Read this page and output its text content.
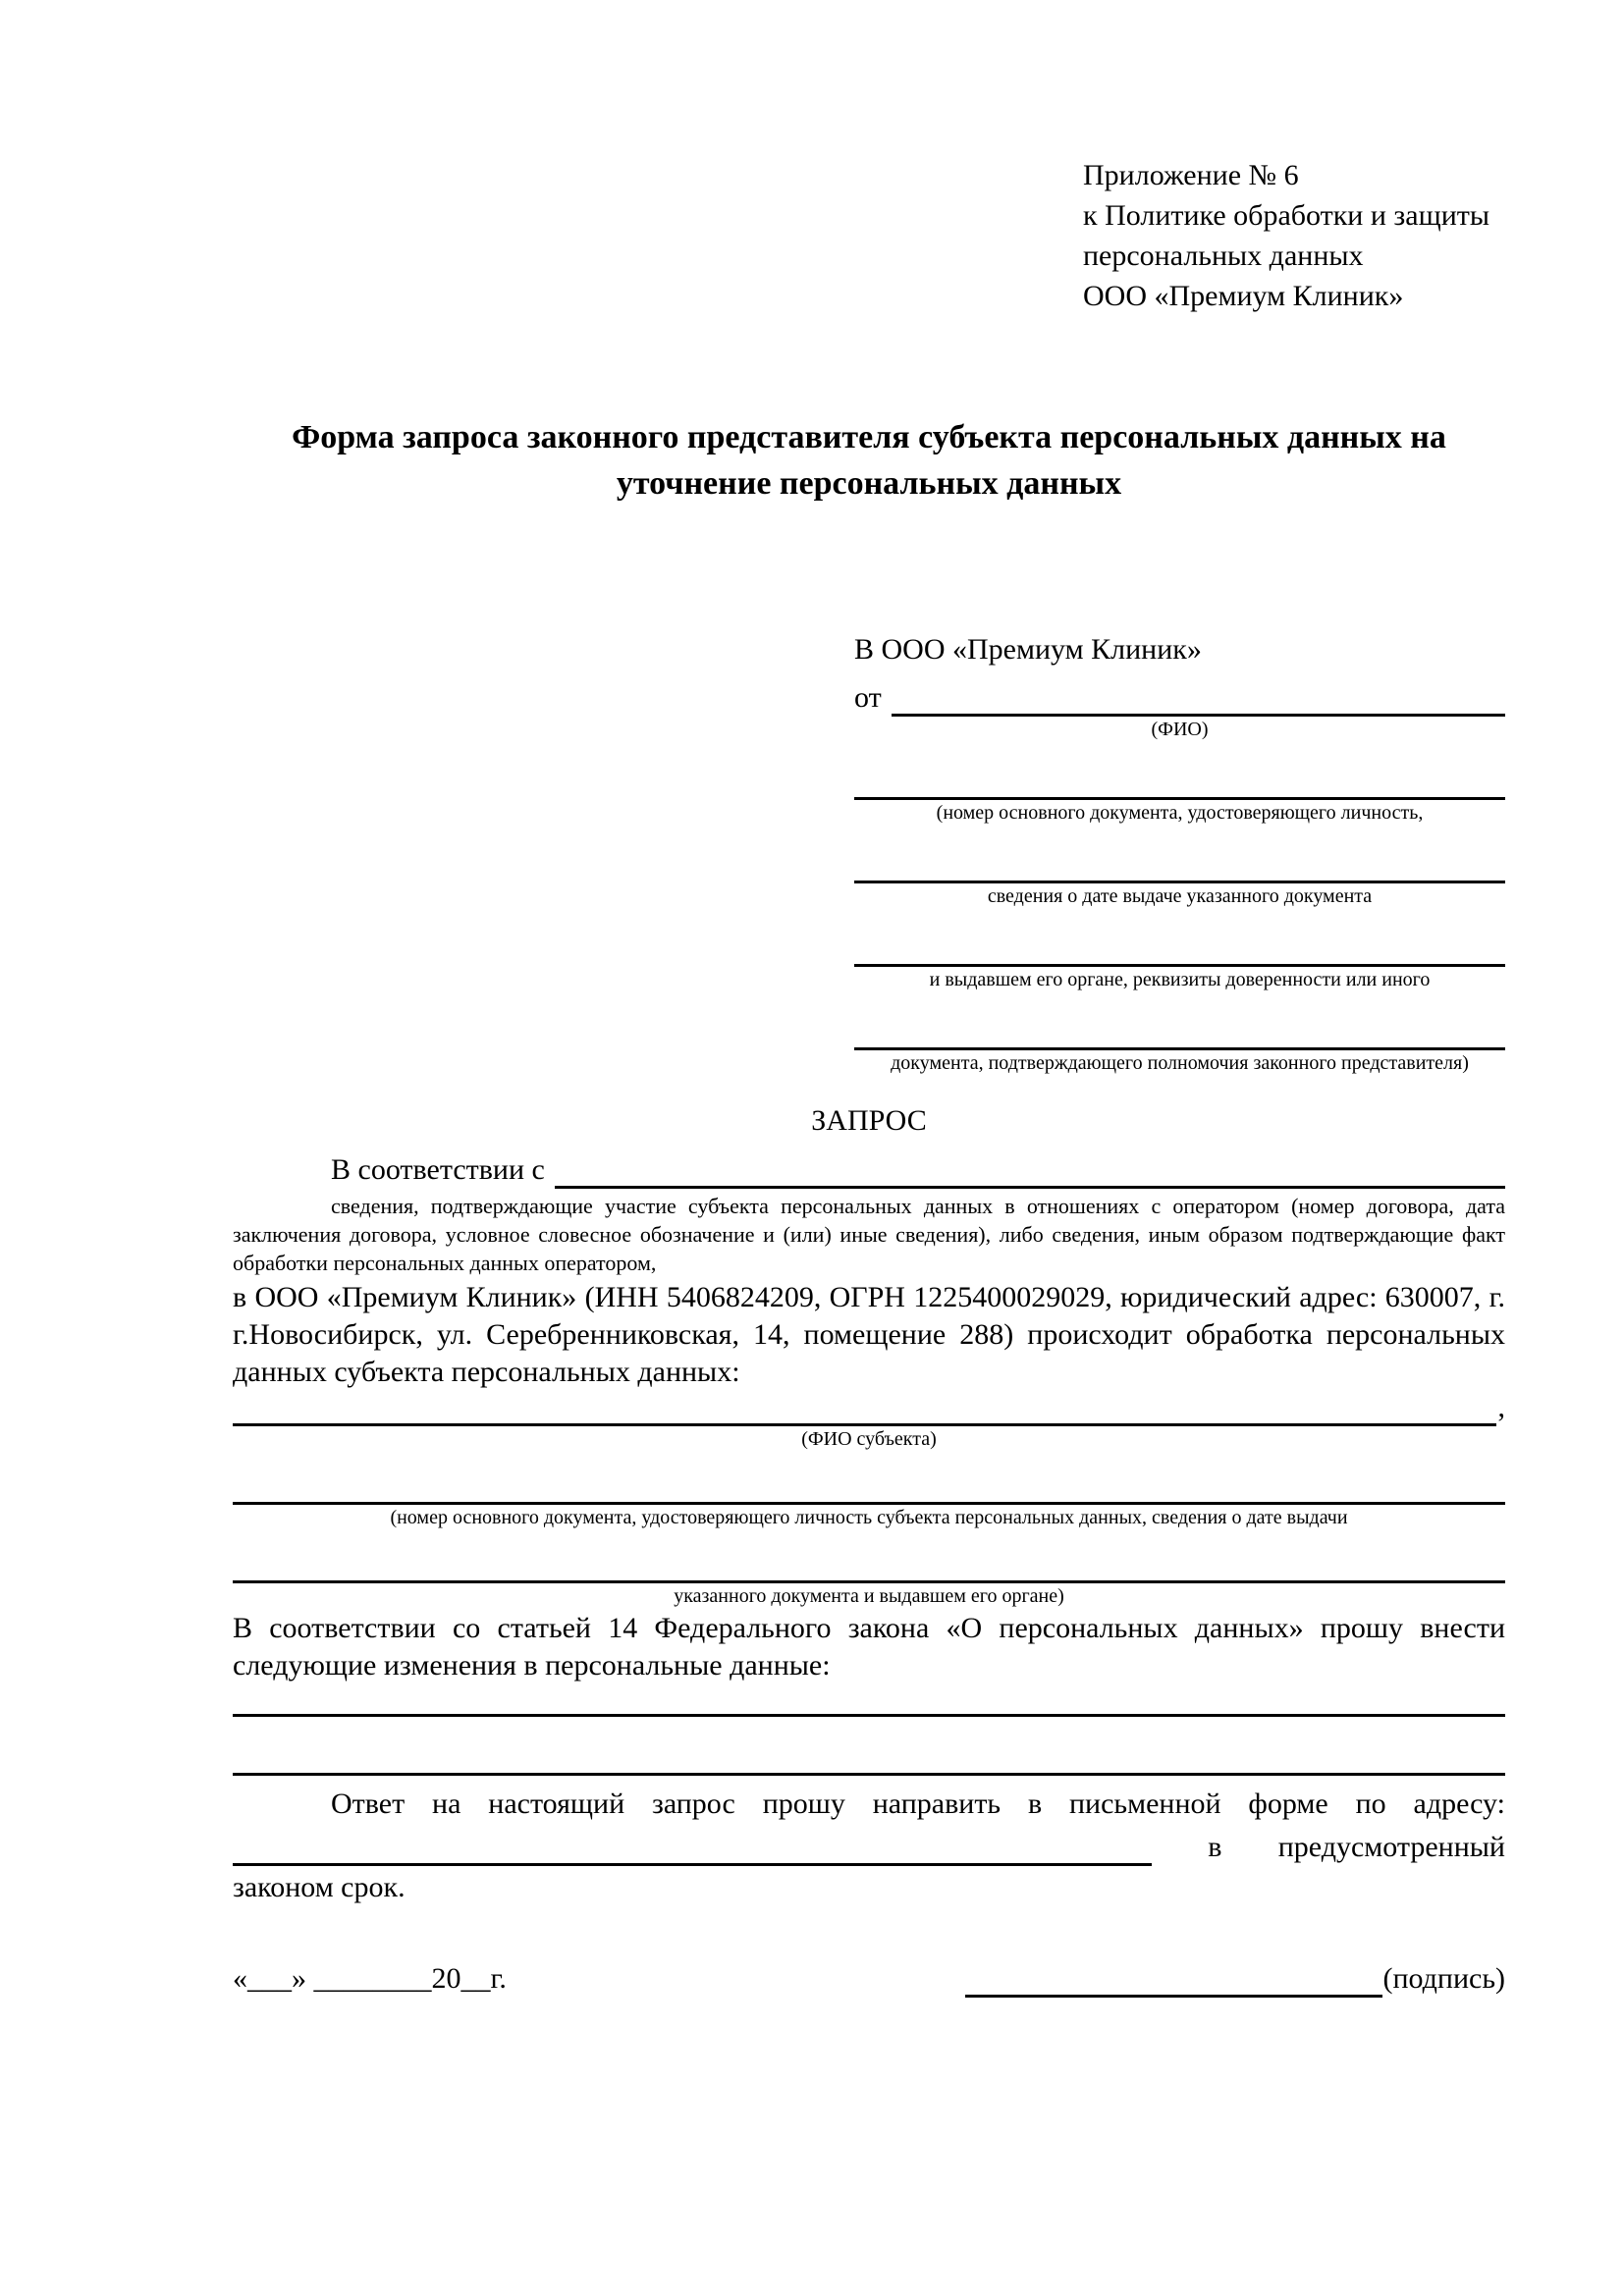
Приложение № 6
к Политике обработки и защиты
персональных данных
ООО «Премиум Клиник»
Форма запроса законного представителя субъекта персональных данных на уточнение персональных данных
В ООО «Премиум Клиник»
от
(ФИО)
(номер основного документа, удостоверяющего личность,
сведения о дате выдаче указанного документа
и выдавшем его органе, реквизиты доверенности или иного
документа, подтверждающего полномочия законного представителя)
ЗАПРОС
В соответствии с
сведения, подтверждающие участие субъекта персональных данных в отношениях с оператором (номер договора, дата заключения договора, условное словесное обозначение и (или) иные сведения), либо сведения, иным образом подтверждающие факт обработки персональных данных оператором,

в ООО «Премиум Клиник» (ИНН 5406824209, ОГРН 1225400029029, юридический адрес: 630007, г. г.Новосибирск, ул. Серебренниковская, 14, помещение 288) происходит обработка персональных данных субъекта персональных данных:

,
(ФИО субъекта)
(номер основного документа, удостоверяющего личность субъекта персональных данных, сведения о дате выдачи
указанного документа и выдавшем его органе)

В соответствии со статьей 14 Федерального закона «О персональных данных» прошу внести следующие изменения в персональные данные:

Ответ на настоящий запрос прошу направить в письменной форме по адресу:

в предусмотренный
законом срок.
«___» ________20__г.	(подпись)
